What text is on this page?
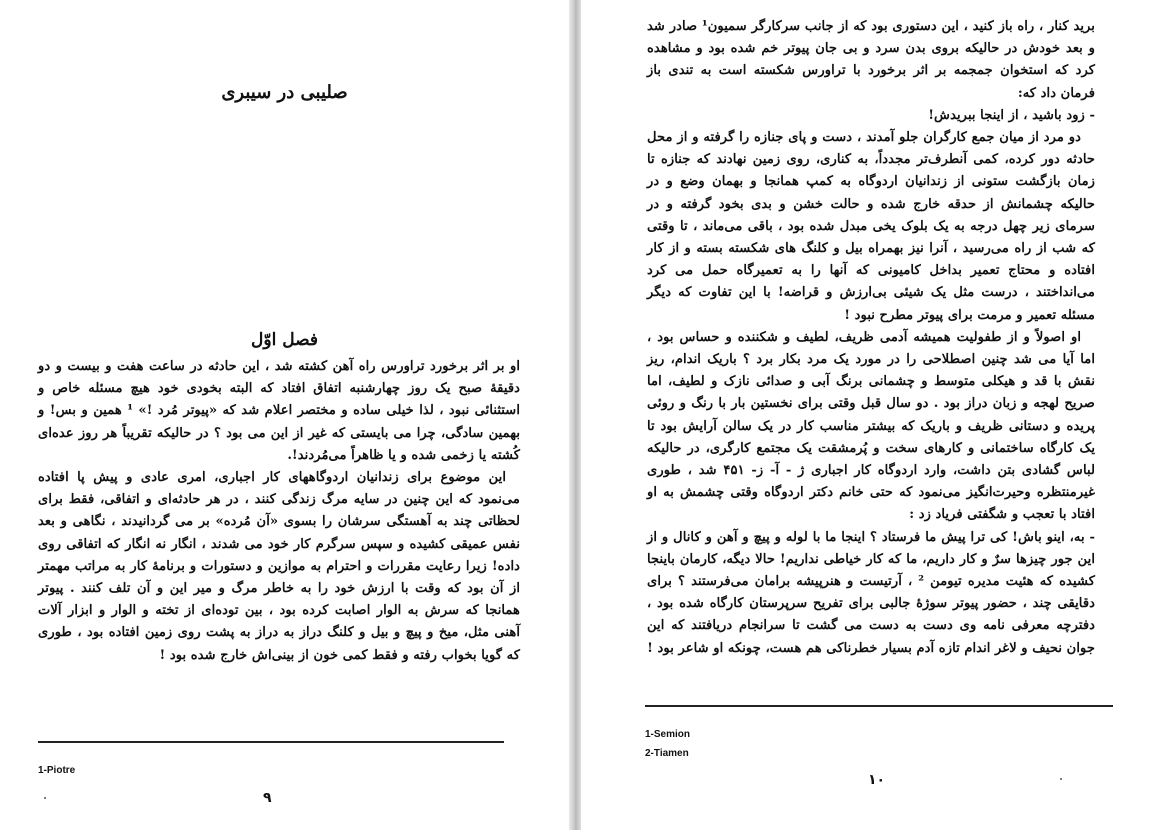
صلیبی در سیبری
فصل اوّل

او بر اثر برخورد تراورس راه آهن کشته شد ، این حادثه در ساعت هفت و بیست و دو دقیقهٔ صبح یک روز چهارشنبه اتفاق افتاد که البته بخودی خود هیچ مسئله خاص و استثنائی نبود ، لذا خیلی ساده و مختصر اعلام شد که «پیوتر مُرد !» ¹ همین و بس! و بهمین سادگی، چرا می بایستی که غیر از این می بود ؟ در حالیکه تقریباً هر روز عده‌ای کُشته یا زخمی شده و یا ظاهراً می‌مُردند!.

این موضوع برای زندانیان اردوگاههای کار اجباری، امری عادی و پیش پا افتاده می‌نمود که این چنین در سایه مرگ زندگی کنند ، در هر حادثه‌ای و اتفاقی، فقط برای لحظاتی چند به آهستگی سرشان را بسوی «آن مُرده» بر می گردانیدند ، نگاهی و بعد نفس عمیقی کشیده و سپس سرگرم کار خود می شدند ، انگار نه انگار که اتفاقی روی داده! زیرا رعایت مقررات و احترام به موازین و دستورات و برنامهٔ کار به مراتب مهمتر از آن بود که وقت با ارزش خود را به خاطر مرگ و میر این و آن تلف کنند . پیوتر همانجا که سرش به الوار اصابت کرده بود ، بین توده‌ای از تخته و الوار و ابزار آلات آهنی مثل، میخ و پیچ و بیل و کلنگ دراز به دراز به پشت روی زمین افتاده بود ، طوری که گویا بخواب رفته و فقط کمی خون از بینی‌اش خارج شده بود !

1-Piotre
۹

برید کنار ، راه باز کنید ، این دستوری بود که از جانب سرکارگر سمیون¹ صادر شد و بعد خودش در حالیکه بروی بدن سرد و بی جان پیوتر خم شده بود و مشاهده کرد که استخوان جمجمه بر اثر برخورد با تراورس شکسته است به تندی باز فرمان داد که:

- زود باشید ، از اینجا ببریدش!

دو مرد از میان جمع کارگران جلو آمدند ، دست و پای جنازه را گرفته و از محل حادثه دور کرده، کمی آنطرف‌تر مجدداً، به کناری، روی زمین نهادند که جنازه تا زمان بازگشت ستونی از زندانیان اردوگاه به کمپ همانجا و بهمان وضع و در حالیکه چشمانش از حدقه خارج شده و حالت خشن و بدی بخود گرفته و در سرمای زیر چهل درجه به یک بلوک یخی مبدل شده بود ، باقی می‌ماند ، تا وقتی که شب از راه می‌رسید ، آنرا نیز بهمراه بیل و کلنگ های شکسته بسته و از کار افتاده و محتاج تعمیر بداخل کامیونی که آنها را به تعمیرگاه حمل می کرد می‌انداختند ، درست مثل یک شیئی بی‌ارزش و قراضه! با این تفاوت که دیگر مسئله تعمیر و مرمت برای پیوتر مطرح نبود !

او اصولاً و از طفولیت همیشه آدمی ظریف، لطیف و شکننده و حساس بود ، اما آیا می شد چنین اصطلاحی را در مورد یک مرد بکار برد ؟ باریک اندام، ریز نقش با قد و هیکلی متوسط و چشمانی برنگ آبی و صدائی نازک و لطیف، اما صریح لهجه و زبان دراز بود . دو سال قبل وقتی برای نخستین بار با رنگ و روئی پریده و دستانی ظریف و باریک که بیشتر مناسب کار در یک سالن آرایش بود تا یک کارگاه ساختمانی و کارهای سخت و پُرمشقت یک مجتمع کارگری، در حالیکه لباس گشادی بتن داشت، وارد اردوگاه کار اجباری ژ - آ- ز- ۴۵۱ شد ، طوری غیرمنتظره وحیرت‌انگیز می‌نمود که حتی خانم دکتر اردوگاه وقتی چشمش به او افتاد با تعجب و شگفتی فریاد زد :

- به، اینو باش! کی ترا پیش ما فرستاد ؟ اینجا ما با لوله و پیچ و آهن و کانال و از این جور چیزها سرٌ و کار داریم، ما که کار خیاطی نداریم! حالا دیگه، کارمان باینجا کشیده که هئیت مدیره تیومن ² ، آرتیست و هنرپیشه برامان می‌فرستند ؟ برای دقایقی چند ، حضور پیوتر سوژهٔ جالبی برای تفریح سرپرستان کارگاه شده بود ، دفترچه معرفی نامه وی دست به دست می گشت تا سرانجام دریافتند که این جوان نحیف و لاغر اندام تازه آدم بسیار خطرناکی هم هست، چونکه او شاعر بود !

1-Semion
2-Tiamen
۱۰
